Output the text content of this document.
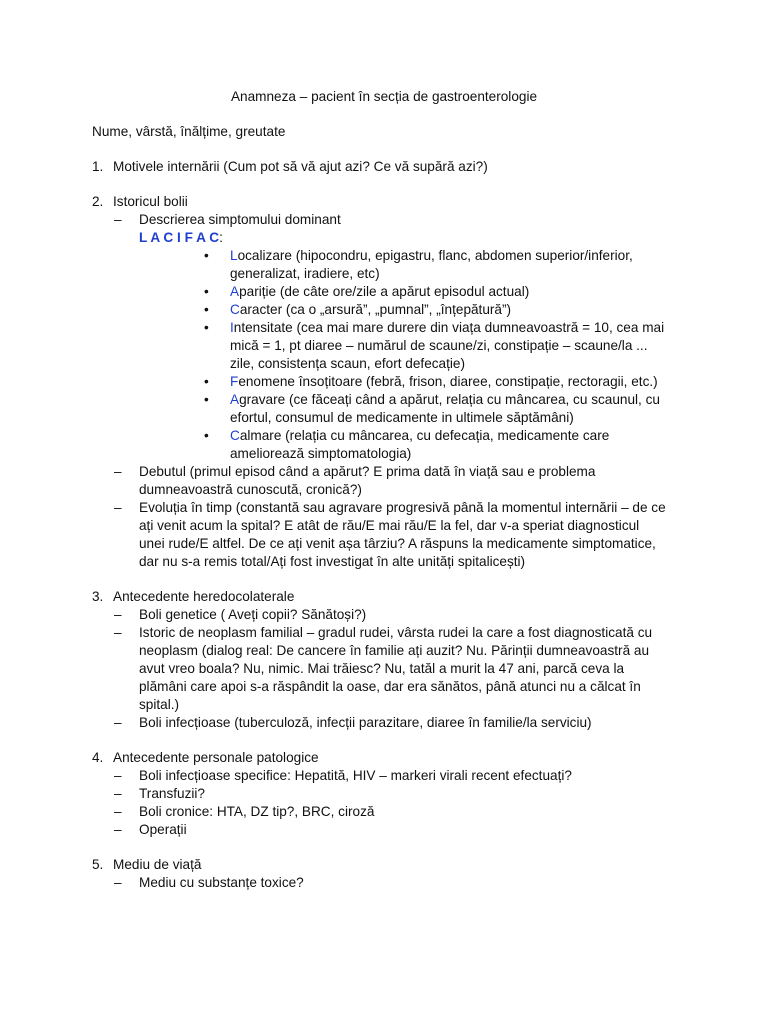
Anamneza – pacient în secția de gastroenterologie
Nume, vârstă, înălțime, greutate
1. Motivele internării (Cum pot să vă ajut azi? Ce vă supără azi?)
2. Istoricul bolii
– Descrierea simptomului dominant
L A C I F A C:
• Localizare (hipocondru, epigastru, flanc, abdomen superior/inferior, generalizat, iradiere, etc)
• Apariție (de câte ore/zile a apărut episodul actual)
• Caracter (ca o „arsură”, „pumnal”, „înțepătură”)
• Intensitate (cea mai mare durere din viața dumneavoastră = 10, cea mai mică = 1, pt diaree – numărul de scaune/zi, constipație – scaune/la ... zile, consistența scaun, efort defecație)
• Fenomene însoțitoare (febră, frison, diaree, constipație, rectoragii, etc.)
• Agravare (ce făceați când a apărut, relația cu mâncarea, cu scaunul, cu efortul, consumul de medicamente in ultimele săptămâni)
• Calmare (relația cu mâncarea, cu defecația, medicamente care ameliorează simptomatologia)
– Debutul (primul episod când a apărut? E prima dată în viață sau e problema dumneavoastră cunoscută, cronică?)
– Evoluția în timp (constantă sau agravare progresivă până la momentul internării – de ce ați venit acum la spital? E atât de rău/E mai rău/E la fel, dar v-a speriat diagnosticul unei rude/E altfel. De ce ați venit așa târziu? A răspuns la medicamente simptomatice, dar nu s-a remis total/Ați fost investigat în alte unități spitalicești)
3. Antecedente heredocolaterale
– Boli genetice ( Aveți copii? Sănătoși?)
– Istoric de neoplasm familial – gradul rudei, vârsta rudei la care a fost diagnosticată cu neoplasm (dialog real: De cancere în familie ați auzit? Nu. Părinții dumneavoastră au avut vreo boala? Nu, nimic. Mai trăiesc? Nu, tatăl a murit la 47 ani, parcă ceva la plămâni care apoi s-a răspândit la oase, dar era sănătos, până atunci nu a călcat în spital.)
– Boli infecțioase (tuberculoză, infecții parazitare, diaree în familie/la serviciu)
4. Antecedente personale patologice
– Boli infecțioase specifice: Hepatită, HIV – markeri virali recent efectuați?
– Transfuzii?
– Boli cronice: HTA, DZ tip?, BRC, ciroză
– Operații
5. Mediu de viață
– Mediu cu substanțe toxice?
